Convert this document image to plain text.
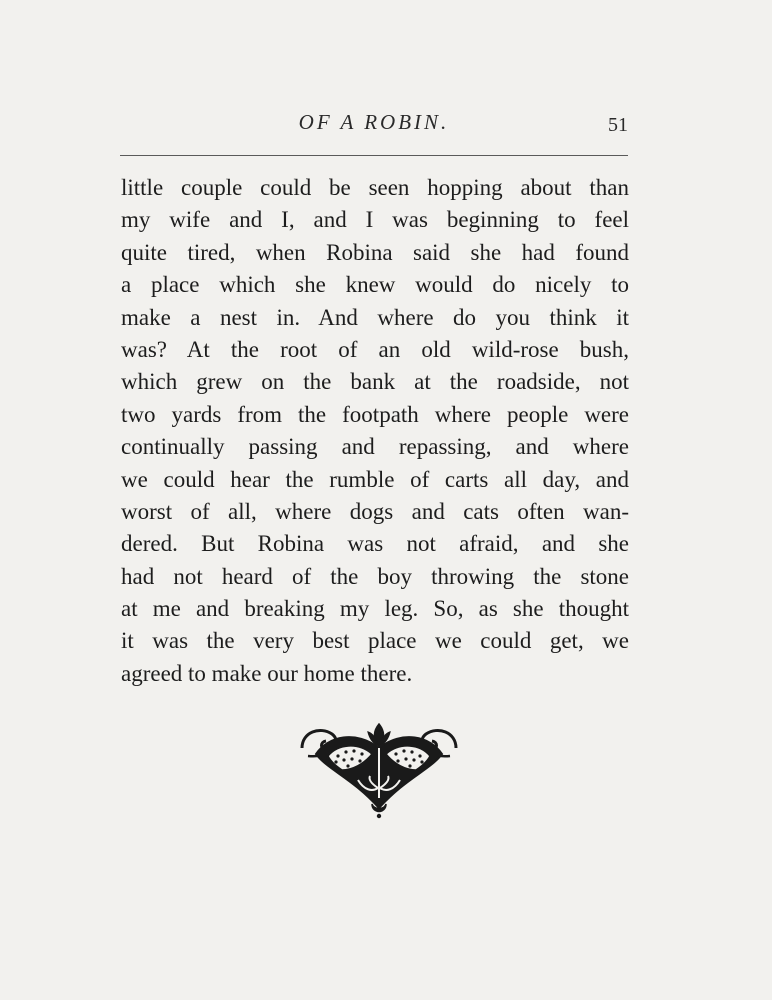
OF A ROBIN.	51
little couple could be seen hopping about than
my wife and I, and I was beginning to feel
quite tired, when Robina said she had found
a place which she knew would do nicely to
make a nest in. And where do you think it
was? At the root of an old wild-rose bush,
which grew on the bank at the roadside, not
two yards from the footpath where people were
continually passing and repassing, and where
we could hear the rumble of carts all day, and
worst of all, where dogs and cats often wan-
dered. But Robina was not afraid, and she
had not heard of the boy throwing the stone
at me and breaking my leg. So, as she thought
it was the very best place we could get, we
agreed to make our home there.
